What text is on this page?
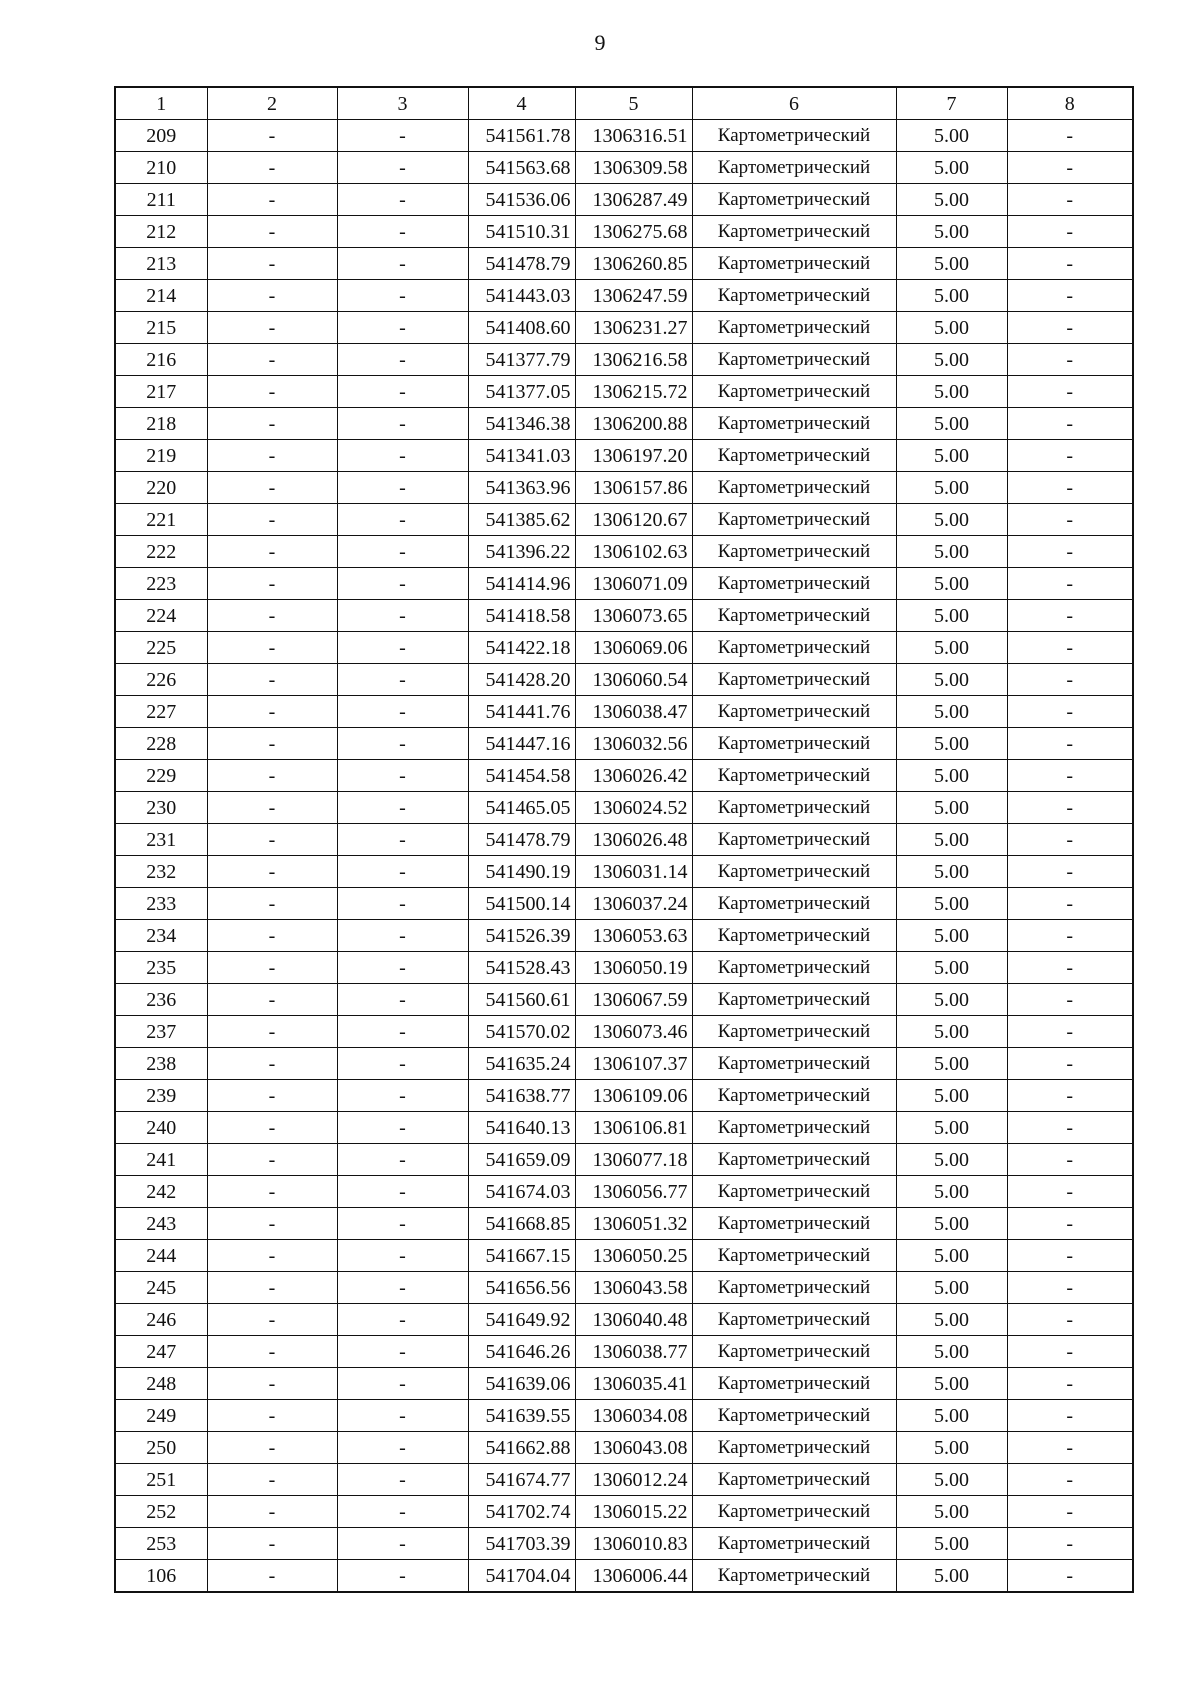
9
1	2	3	4	5	6	7	8
209	-	-	541561.78	1306316.51	Картометрический	5.00	-
210	-	-	541563.68	1306309.58	Картометрический	5.00	-
211	-	-	541536.06	1306287.49	Картометрический	5.00	-
212	-	-	541510.31	1306275.68	Картометрический	5.00	-
213	-	-	541478.79	1306260.85	Картометрический	5.00	-
214	-	-	541443.03	1306247.59	Картометрический	5.00	-
215	-	-	541408.60	1306231.27	Картометрический	5.00	-
216	-	-	541377.79	1306216.58	Картометрический	5.00	-
217	-	-	541377.05	1306215.72	Картометрический	5.00	-
218	-	-	541346.38	1306200.88	Картометрический	5.00	-
219	-	-	541341.03	1306197.20	Картометрический	5.00	-
220	-	-	541363.96	1306157.86	Картометрический	5.00	-
221	-	-	541385.62	1306120.67	Картометрический	5.00	-
222	-	-	541396.22	1306102.63	Картометрический	5.00	-
223	-	-	541414.96	1306071.09	Картометрический	5.00	-
224	-	-	541418.58	1306073.65	Картометрический	5.00	-
225	-	-	541422.18	1306069.06	Картометрический	5.00	-
226	-	-	541428.20	1306060.54	Картометрический	5.00	-
227	-	-	541441.76	1306038.47	Картометрический	5.00	-
228	-	-	541447.16	1306032.56	Картометрический	5.00	-
229	-	-	541454.58	1306026.42	Картометрический	5.00	-
230	-	-	541465.05	1306024.52	Картометрический	5.00	-
231	-	-	541478.79	1306026.48	Картометрический	5.00	-
232	-	-	541490.19	1306031.14	Картометрический	5.00	-
233	-	-	541500.14	1306037.24	Картометрический	5.00	-
234	-	-	541526.39	1306053.63	Картометрический	5.00	-
235	-	-	541528.43	1306050.19	Картометрический	5.00	-
236	-	-	541560.61	1306067.59	Картометрический	5.00	-
237	-	-	541570.02	1306073.46	Картометрический	5.00	-
238	-	-	541635.24	1306107.37	Картометрический	5.00	-
239	-	-	541638.77	1306109.06	Картометрический	5.00	-
240	-	-	541640.13	1306106.81	Картометрический	5.00	-
241	-	-	541659.09	1306077.18	Картометрический	5.00	-
242	-	-	541674.03	1306056.77	Картометрический	5.00	-
243	-	-	541668.85	1306051.32	Картометрический	5.00	-
244	-	-	541667.15	1306050.25	Картометрический	5.00	-
245	-	-	541656.56	1306043.58	Картометрический	5.00	-
246	-	-	541649.92	1306040.48	Картометрический	5.00	-
247	-	-	541646.26	1306038.77	Картометрический	5.00	-
248	-	-	541639.06	1306035.41	Картометрический	5.00	-
249	-	-	541639.55	1306034.08	Картометрический	5.00	-
250	-	-	541662.88	1306043.08	Картометрический	5.00	-
251	-	-	541674.77	1306012.24	Картометрический	5.00	-
252	-	-	541702.74	1306015.22	Картометрический	5.00	-
253	-	-	541703.39	1306010.83	Картометрический	5.00	-
106	-	-	541704.04	1306006.44	Картометрический	5.00	-
